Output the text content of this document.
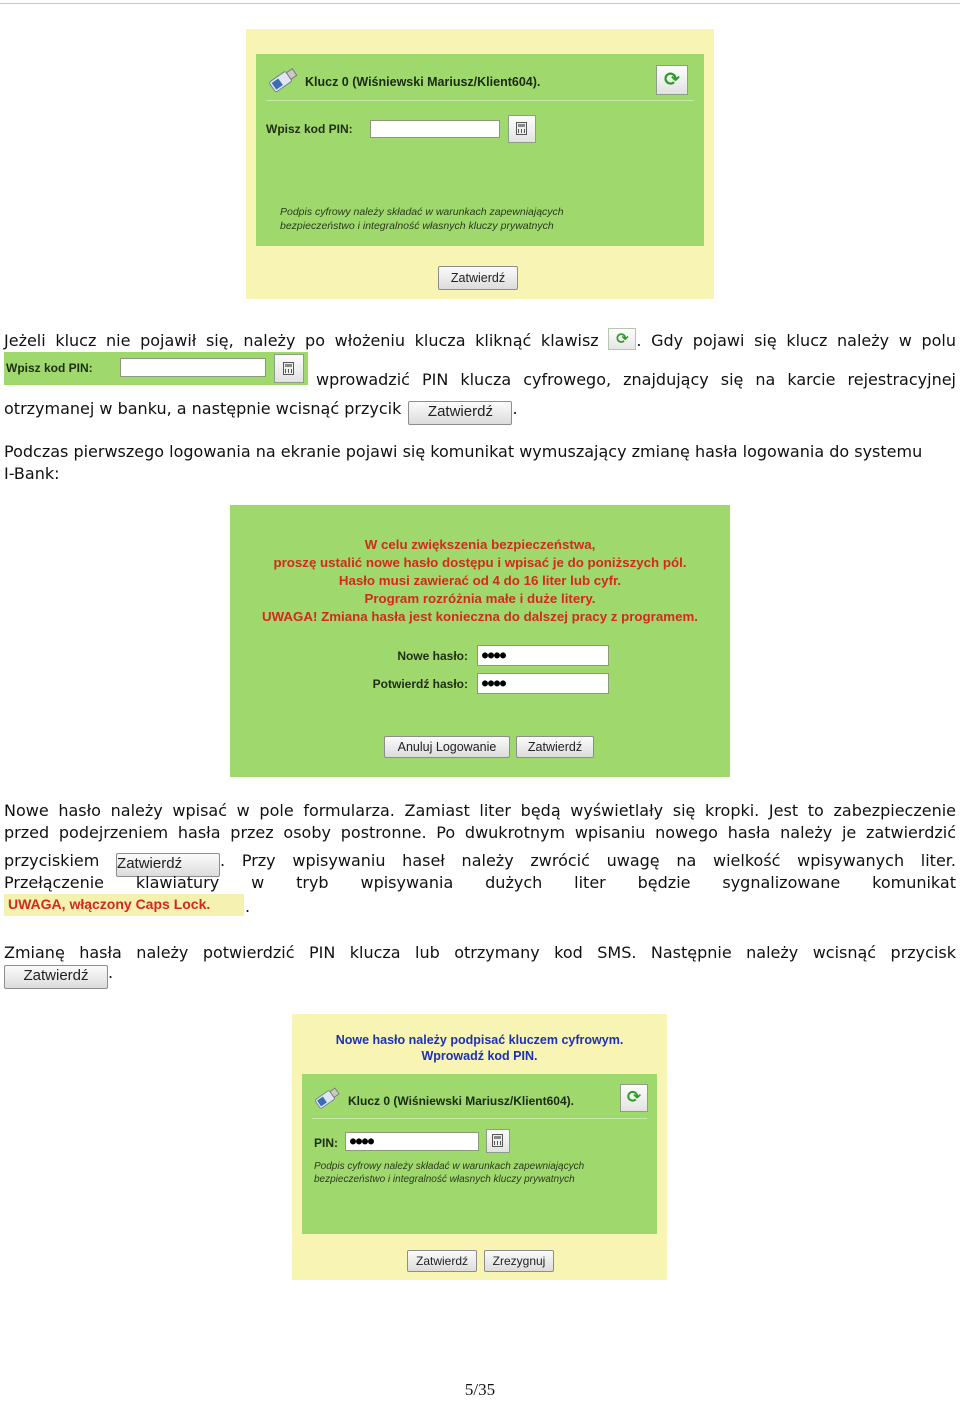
Klucz 0 (Wiśniewski Mariusz/Klient604).	⟳
Wpisz kod PIN:
Podpis cyfrowy należy składać w warunkach zapewniających bezpieczeństwo i integralność własnych kluczy prywatnych
Zatwierdź
Jeżeli klucz nie pojawił się, należy po włożeniu klucza kliknąć klawisz ⟳ . Gdy pojawi się klucz należy w polu
Wpisz kod PIN:
wprowadzić PIN klucza cyfrowego, znajdujący się na karcie rejestracyjnej
otrzymanej w banku, a następnie wcisnąć przycik Zatwierdź .
Podczas pierwszego logowania na ekranie pojawi się komunikat wymuszający zmianę hasła logowania do systemu
I-Bank:
W celu zwiększenia bezpieczeństwa,
proszę ustalić nowe hasło dostępu i wpisać je do poniższych pól.
Hasło musi zawierać od 4 do 16 liter lub cyfr.
Program rozróżnia małe i duże litery.
UWAGA! Zmiana hasła jest konieczna do dalszej pracy z programem.
Nowe hasło:	●●●●
Potwierdź hasło:	●●●●
Anuluj Logowanie	Zatwierdź
Nowe hasło należy wpisać w pole formularza. Zamiast liter będą wyświetlały się kropki. Jest to zabezpieczenie
przed podejrzeniem hasła przez osoby postronne. Po dwukrotnym wpisaniu nowego hasła należy je zatwierdzić
przyciskiem Zatwierdź . Przy wpisywaniu haseł należy zwrócić uwagę na wielkość wpisywanych liter.
Przełączenie klawiatury w tryb wpisywania dużych liter będzie sygnalizowane komunikat
UWAGA, włączony Caps Lock.	.
Zmianę hasła należy potwierdzić PIN klucza lub otrzymany kod SMS. Następnie należy wcisnąć przycisk
Zatwierdź .
Nowe hasło należy podpisać kluczem cyfrowym.
Wprowadź kod PIN.
Klucz 0 (Wiśniewski Mariusz/Klient604).	⟳
PIN:	●●●●
Podpis cyfrowy należy składać w warunkach zapewniających bezpieczeństwo i integralność własnych kluczy prywatnych
Zatwierdź	Zrezygnuj
5/35
